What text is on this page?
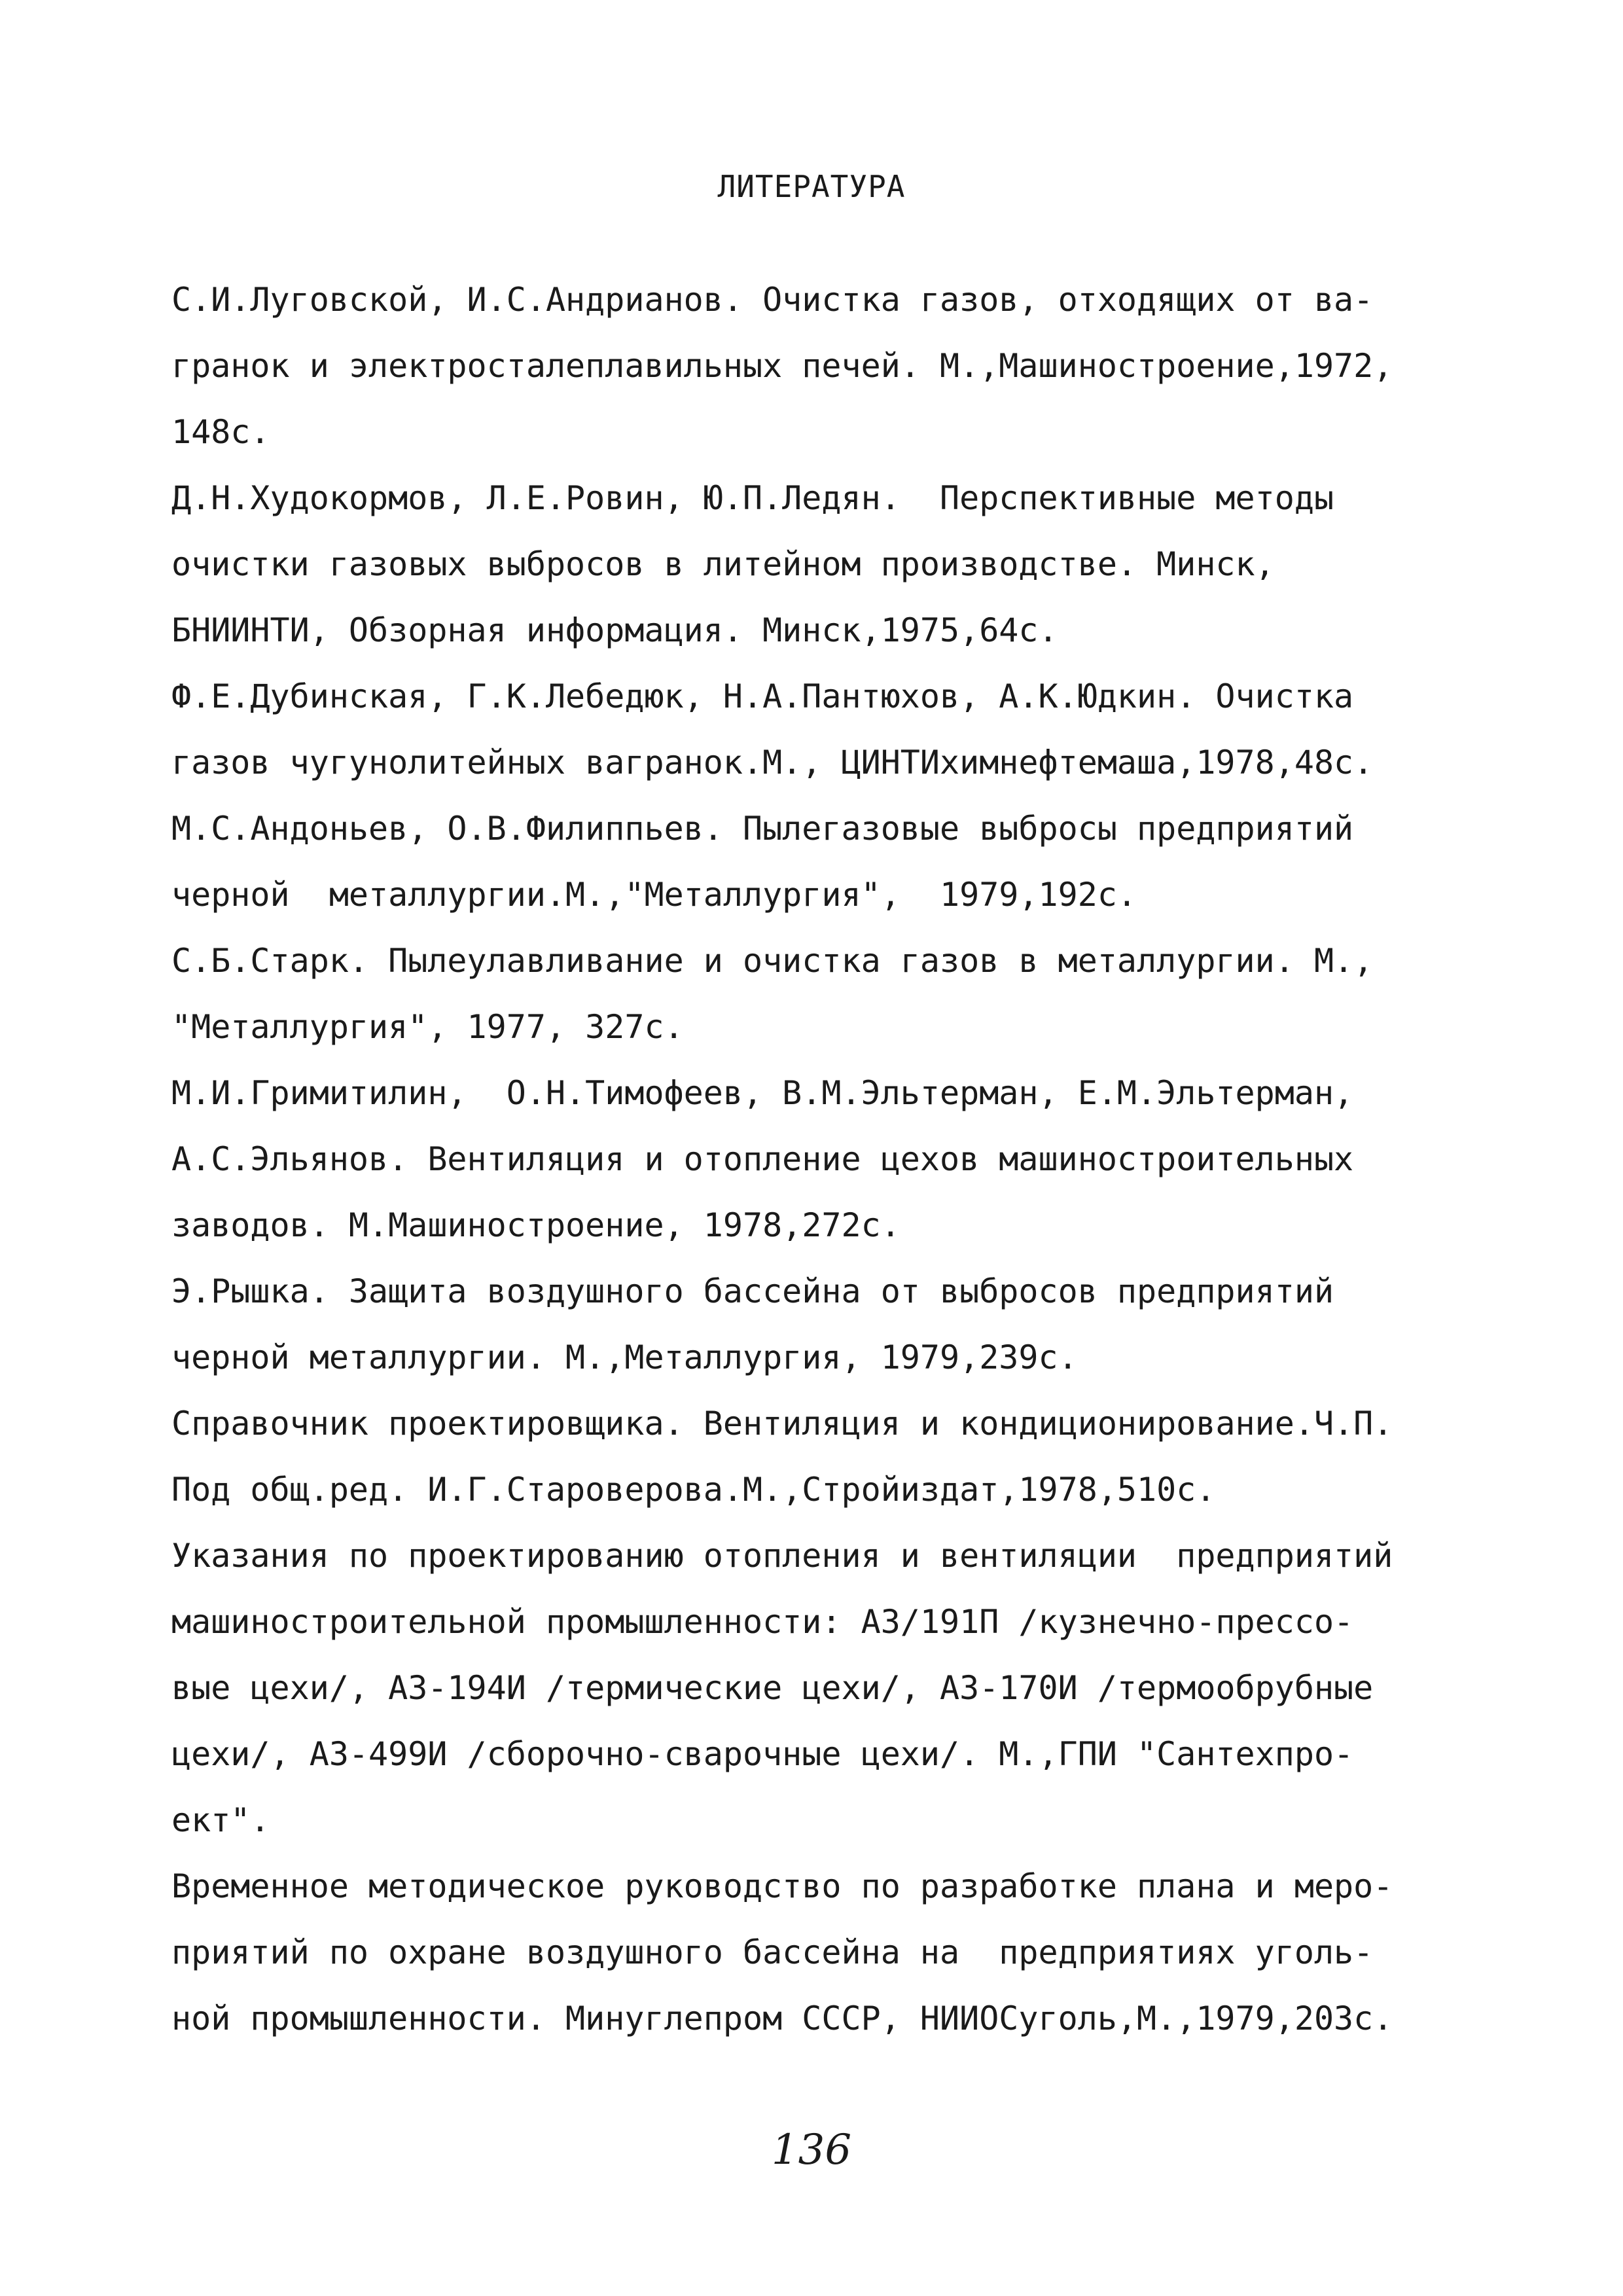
ЛИТЕРАТУРА
С.И.Луговской, И.С.Андрианов. Очистка газов, отходящих от ва-
гранок и электросталеплавильных печей. М.,Машиностроение,1972,
148с.
Д.Н.Худокормов, Л.Е.Ровин, Ю.П.Ледян.  Перспективные методы
очистки газовых выбросов в литейном производстве. Минск,
БНИИНТИ, Обзорная информация. Минск,1975,64с.
Ф.Е.Дубинская, Г.К.Лебедюк, Н.А.Пантюхов, А.К.Юдкин. Очистка
газов чугунолитейных вагранок.М., ЦИНТИхимнефтемаша,1978,48с.
М.С.Андоньев, О.В.Филиппьев. Пылегазовые выбросы предприятий
черной  металлургии.М.,"Металлургия",  1979,192с.
С.Б.Старк. Пылеулавливание и очистка газов в металлургии. М.,
"Металлургия", 1977, 327с.
М.И.Гримитилин,  О.Н.Тимофеев, В.М.Эльтерман, Е.М.Эльтерман,
А.С.Эльянов. Вентиляция и отопление цехов машиностроительных
заводов. М.Машиностроение, 1978,272с.
Э.Рышка. Защита воздушного бассейна от выбросов предприятий
черной металлургии. М.,Металлургия, 1979,239с.
Справочник проектировщика. Вентиляция и кондиционирование.Ч.П.
Под общ.ред. И.Г.Староверова.М.,Стройиздат,1978,510с.
Указания по проектированию отопления и вентиляции  предприятий
машиностроительной промышленности: А3/191П /кузнечно-прессо-
вые цехи/, А3-194И /термические цехи/, А3-170И /термообрубные
цехи/, А3-499И /сборочно-сварочные цехи/. М.,ГПИ "Сантехпро-
ект".
Временное методическое руководство по разработке плана и меро-
приятий по охране воздушного бассейна на  предприятиях уголь-
ной промышленности. Минуглепром СССР, НИИОСуголь,М.,1979,203с.
136
